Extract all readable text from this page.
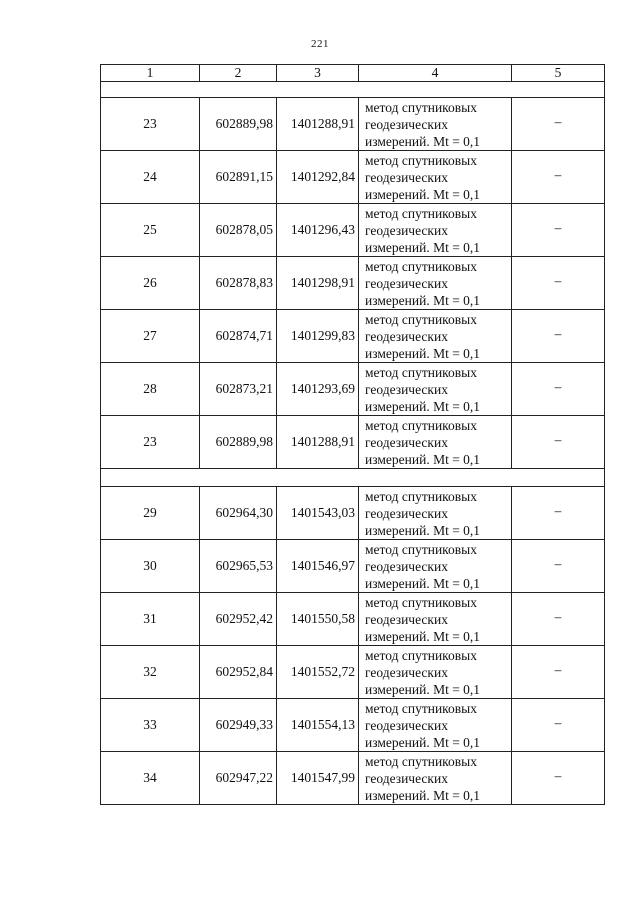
221
1	2	3	4	5

23	602889,98	1401288,91	метод спутниковых
геодезических
измерений. Mt = 0,1	–
24	602891,15	1401292,84	метод спутниковых
геодезических
измерений. Mt = 0,1	–
25	602878,05	1401296,43	метод спутниковых
геодезических
измерений. Mt = 0,1	–
26	602878,83	1401298,91	метод спутниковых
геодезических
измерений. Mt = 0,1	–
27	602874,71	1401299,83	метод спутниковых
геодезических
измерений. Mt = 0,1	–
28	602873,21	1401293,69	метод спутниковых
геодезических
измерений. Mt = 0,1	–
23	602889,98	1401288,91	метод спутниковых
геодезических
измерений. Mt = 0,1	–

29	602964,30	1401543,03	метод спутниковых
геодезических
измерений. Mt = 0,1	–
30	602965,53	1401546,97	метод спутниковых
геодезических
измерений. Mt = 0,1	–
31	602952,42	1401550,58	метод спутниковых
геодезических
измерений. Mt = 0,1	–
32	602952,84	1401552,72	метод спутниковых
геодезических
измерений. Mt = 0,1	–
33	602949,33	1401554,13	метод спутниковых
геодезических
измерений. Mt = 0,1	–
34	602947,22	1401547,99	метод спутниковых
геодезических
измерений. Mt = 0,1	–
